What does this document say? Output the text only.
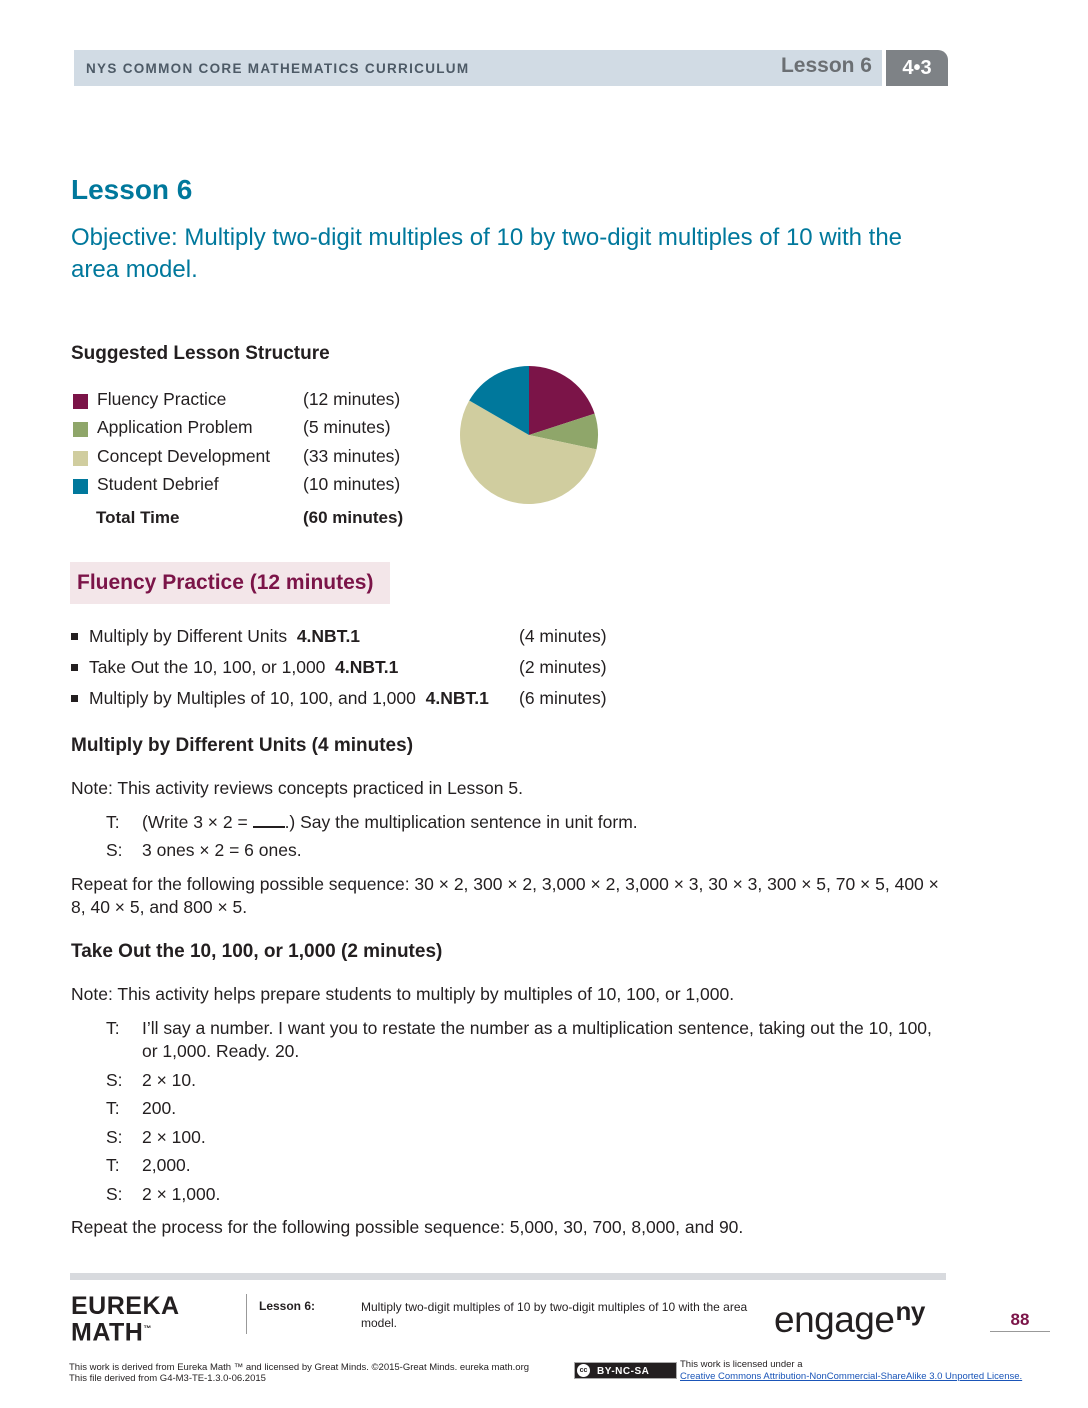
NYS COMMON CORE MATHEMATICS CURRICULUM	Lesson 6	4•3
Lesson 6
Objective: Multiply two-digit multiples of 10 by two-digit multiples of 10 with the area model.
Suggested Lesson Structure
Fluency Practice	(12 minutes)
Application Problem	(5 minutes)
Concept Development (33 minutes)
Student Debrief	(10 minutes)
Total Time	(60 minutes)
Fluency Practice (12 minutes)
Multiply by Different Units 4.NBT.1	(4 minutes)
Take Out the 10, 100, or 1,000 4.NBT.1	(2 minutes)
Multiply by Multiples of 10, 100, and 1,000 4.NBT.1 (6 minutes)
Multiply by Different Units (4 minutes)
Note: This activity reviews concepts practiced in Lesson 5.
T: (Write 3 × 2 = .) Say the multiplication sentence in unit form.
S: 3 ones × 2 = 6 ones.
Repeat for the following possible sequence: 30 × 2, 300 × 2, 3,000 × 2, 3,000 × 3, 30 × 3, 300 × 5, 70 × 5, 400 × 8, 40 × 5, and 800 × 5.
Take Out the 10, 100, or 1,000 (2 minutes)
Note: This activity helps prepare students to multiply by multiples of 10, 100, or 1,000.
T: I’ll say a number. I want you to restate the number as a multiplication sentence, taking out the 10, 100, or 1,000. Ready. 20.
S: 2 × 10.
T: 200.
S: 2 × 100.
T: 2,000.
S: 2 × 1,000.
Repeat the process for the following possible sequence: 5,000, 30, 700, 8,000, and 90.
EUREKA
MATH™
Lesson 6:	Multiply two-digit multiples of 10 by two-digit multiples of 10 with the area model.	engage$^{ny}$	88
This work is derived from Eureka Math ™ and licensed by Great Minds. ©2015-Great Minds. eureka math.org
This file derived from G4-M3-TE-1.3.0-06.2015
cc BY-NC-SA
This work is licensed under a
Creative Commons Attribution-NonCommercial-ShareAlike 3.0 Unported License.
